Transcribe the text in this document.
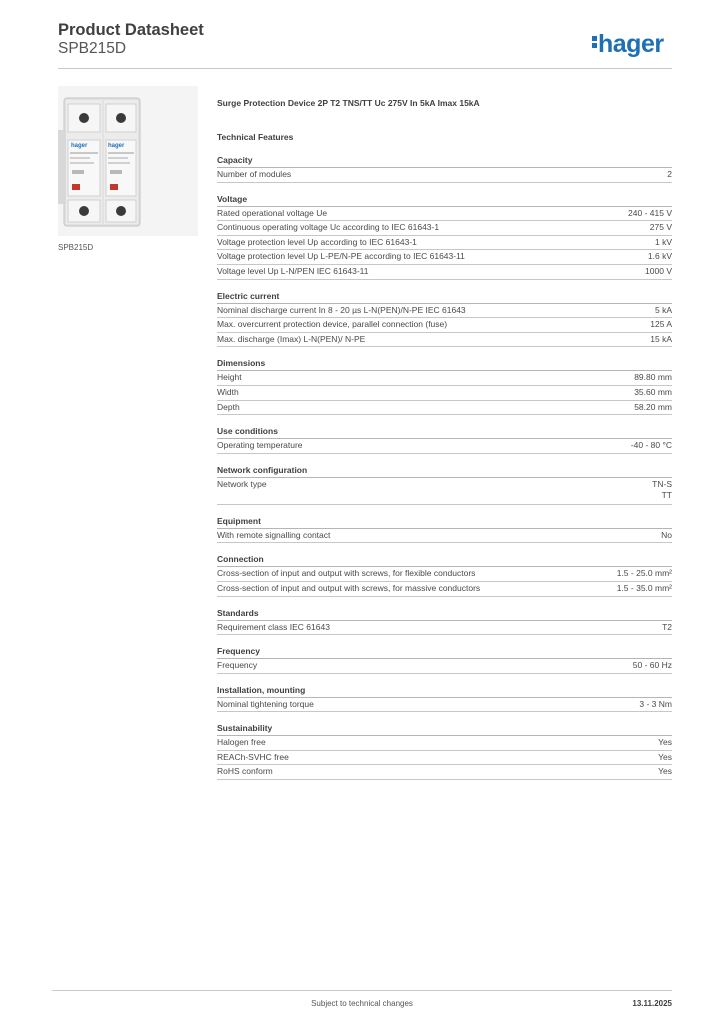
Product Datasheet
SPB215D	hager
hager	hager
SPB215D
Surge Protection Device 2P T2 TNS/TT Uc 275V In 5kA Imax 15kA
Technical Features
Capacity
Number of modules	2
Voltage
Rated operational voltage Ue	240 - 415 V
Continuous operating voltage Uc according to IEC 61643-1	275 V
Voltage protection level Up according to IEC 61643-1	1 kV
Voltage protection level Up L-PE/N-PE according to IEC 61643-11	1.6 kV
Voltage level Up L-N/PEN IEC 61643-11	1000 V
Electric current
Nominal discharge current In 8 - 20 µs L-N(PEN)/N-PE IEC 61643	5 kA
Max. overcurrent protection device, parallel connection (fuse)	125 A
Max. discharge (Imax) L-N(PEN)/ N-PE	15 kA
Dimensions
Height	89.80 mm
Width	35.60 mm
Depth	58.20 mm
Use conditions
Operating temperature	-40 - 80 °C
Network configuration
Network type	TN-S
TT
Equipment
With remote signalling contact	No
Connection
Cross-section of input and output with screws, for flexible conductors	1.5 - 25.0 mm²
Cross-section of input and output with screws, for massive conductors	1.5 - 35.0 mm²
Standards
Requirement class IEC 61643	T2
Frequency
Frequency	50 - 60 Hz
Installation, mounting
Nominal tightening torque	3 - 3 Nm
Sustainability
Halogen free	Yes
REACh-SVHC free	Yes
RoHS conform	Yes
Subject to technical changes	13.11.2025
